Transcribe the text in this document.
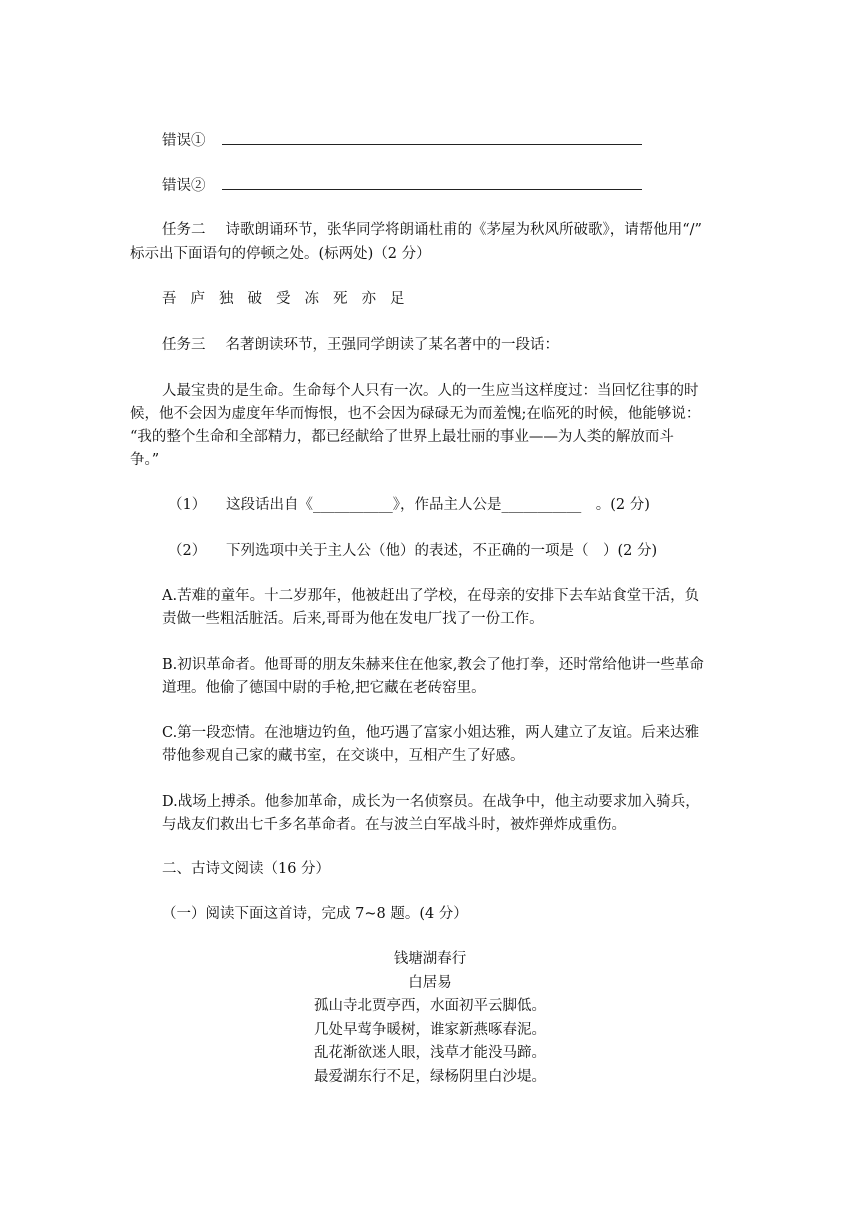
错误①
错误②
任务二 诗歌朗诵环节，张华同学将朗诵杜甫的《茅屋为秋风所破歌》，请帮他用“/”
标示出下面语句的停顿之处。(标两处)（2 分）
吾庐独破受冻死亦足
任务三 名著朗读环节，王强同学朗读了某名著中的一段话：
人最宝贵的是生命。生命每个人只有一次。人的一生应当这样度过：当回忆往事的时
候，他不会因为虚度年华而悔恨，也不会因为碌碌无为而羞愧;在临死的时候，他能够说：
“我的整个生命和全部精力，都已经献给了世界上最壮丽的事业——为人类的解放而斗
争。”
（1） 这段话出自《___________》，作品主人公是___________　。(2 分)
（2） 下列选项中关于主人公（他）的表述，不正确的一项是（　）(2 分)
A.苦难的童年。十二岁那年，他被赶出了学校，在母亲的安排下去车站食堂干活，负
责做一些粗活脏活。后来,哥哥为他在发电厂找了一份工作。
B.初识革命者。他哥哥的朋友朱赫来住在他家,教会了他打拳，还时常给他讲一些革命
道理。他偷了德国中尉的手枪,把它藏在老砖窑里。
C.第一段恋情。在池塘边钓鱼，他巧遇了富家小姐达雅，两人建立了友谊。后来达雅
带他参观自己家的藏书室，在交谈中，互相产生了好感。
D.战场上搏杀。他参加革命，成长为一名侦察员。在战争中，他主动要求加入骑兵，
与战友们救出七千多名革命者。在与波兰白军战斗时，被炸弹炸成重伤。
二、古诗文阅读（16 分）
（一）阅读下面这首诗，完成 7~8 题。(4 分）
钱塘湖春行
白居易
孤山寺北贾亭西，水面初平云脚低。
几处早莺争暖树，谁家新燕啄春泥。
乱花渐欲迷人眼，浅草才能没马蹄。
最爱湖东行不足，绿杨阴里白沙堤。
